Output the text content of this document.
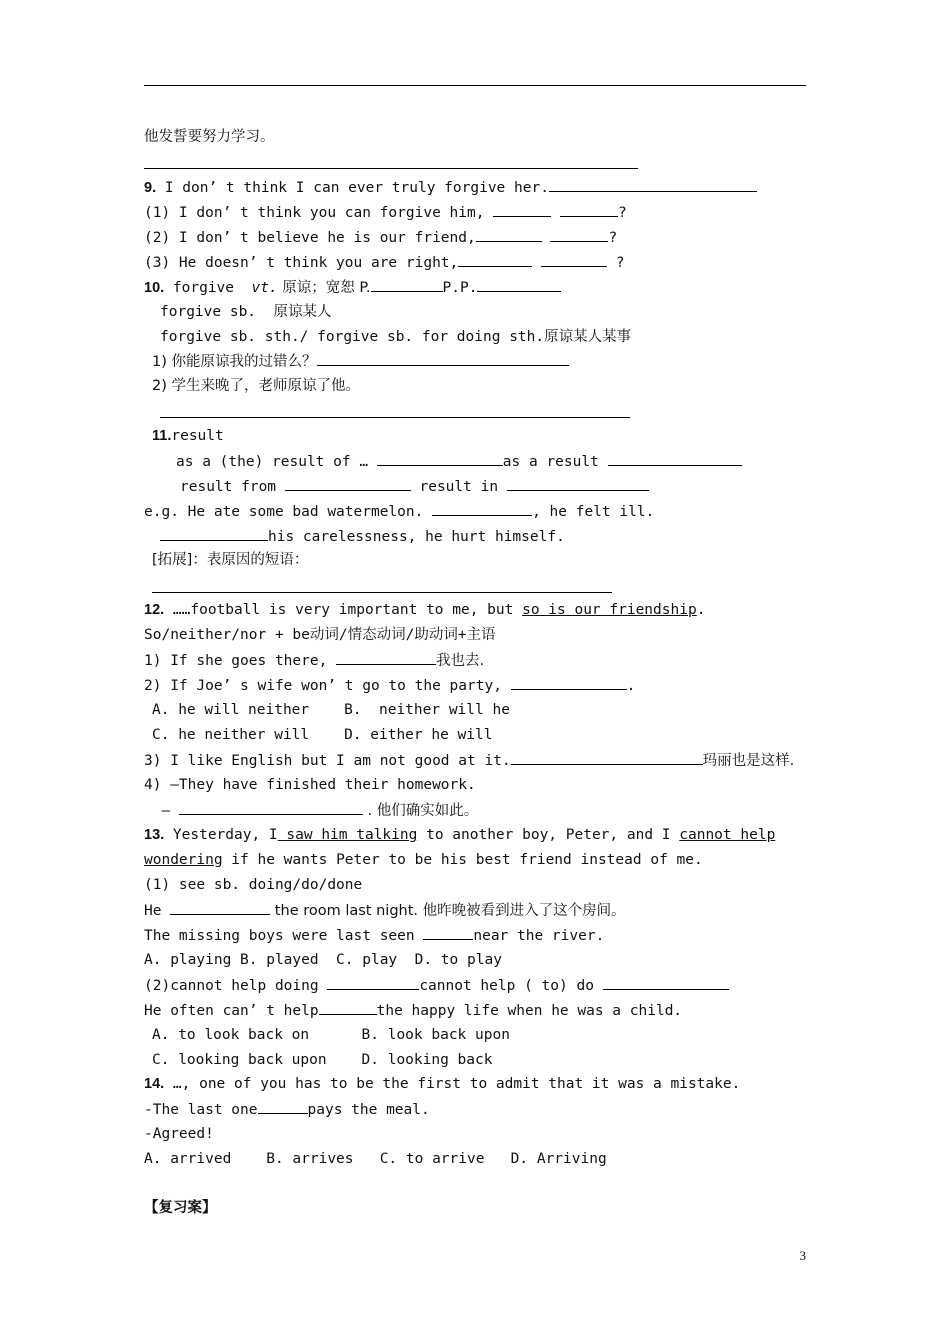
他发誓要努力学习。
9. I don’ t think I can ever truly forgive her.
(1) I don’ t think you can forgive him,	?
(2) I don’ t believe he is our friend,	?
(3) He doesn’ t think you are right,	?
10. forgive  vt. 原谅；宽恕 P.	P.P.
forgive sb.  原谅某人
forgive sb. sth./ forgive sb. for doing sth.原谅某人某事
1) 你能原谅我的过错么？
2) 学生来晚了，老师原谅了他。
11.result
as a (the) result of …	as a result
result from	result in
e.g. He ate some bad watermelon.	, he felt ill.
his carelessness, he hurt himself.
[拓展]：表原因的短语：
12. ……football is very important to me, but so is our friendship.
So/neither/nor + be动词/情态动词/助动词+主语
1) If she goes there,	我也去.
2) If Joe’ s wife won’ t go to the party,	.
A. he will neither B.  neither will he
C. he neither will D. either he will
3) I like English but I am not good at it.	玛丽也是这样.
4) –They have finished their homework.
–	. 他们确实如此。
13. Yesterday, I saw him talking to another boy, Peter, and I cannot help
wondering if he wants Peter to be his best friend instead of me.
(1) see sb. doing/do/done
He	the room last night. 他昨晚被看到进入了这个房间。
The missing boys were last seen	near the river.
A. playing B. played  C. play  D. to play
(2)cannot help doing	cannot help ( to) do
He often can’ t help	the happy life when he was a child.
A. to look back on	B. look back upon
C. looking back upon D. looking back
14. …, one of you has to be the first to admit that it was a mistake.
-The last one	pays the meal.
-Agreed!
A. arrived    B. arrives   C. to arrive   D. Arriving
【复习案】
3
